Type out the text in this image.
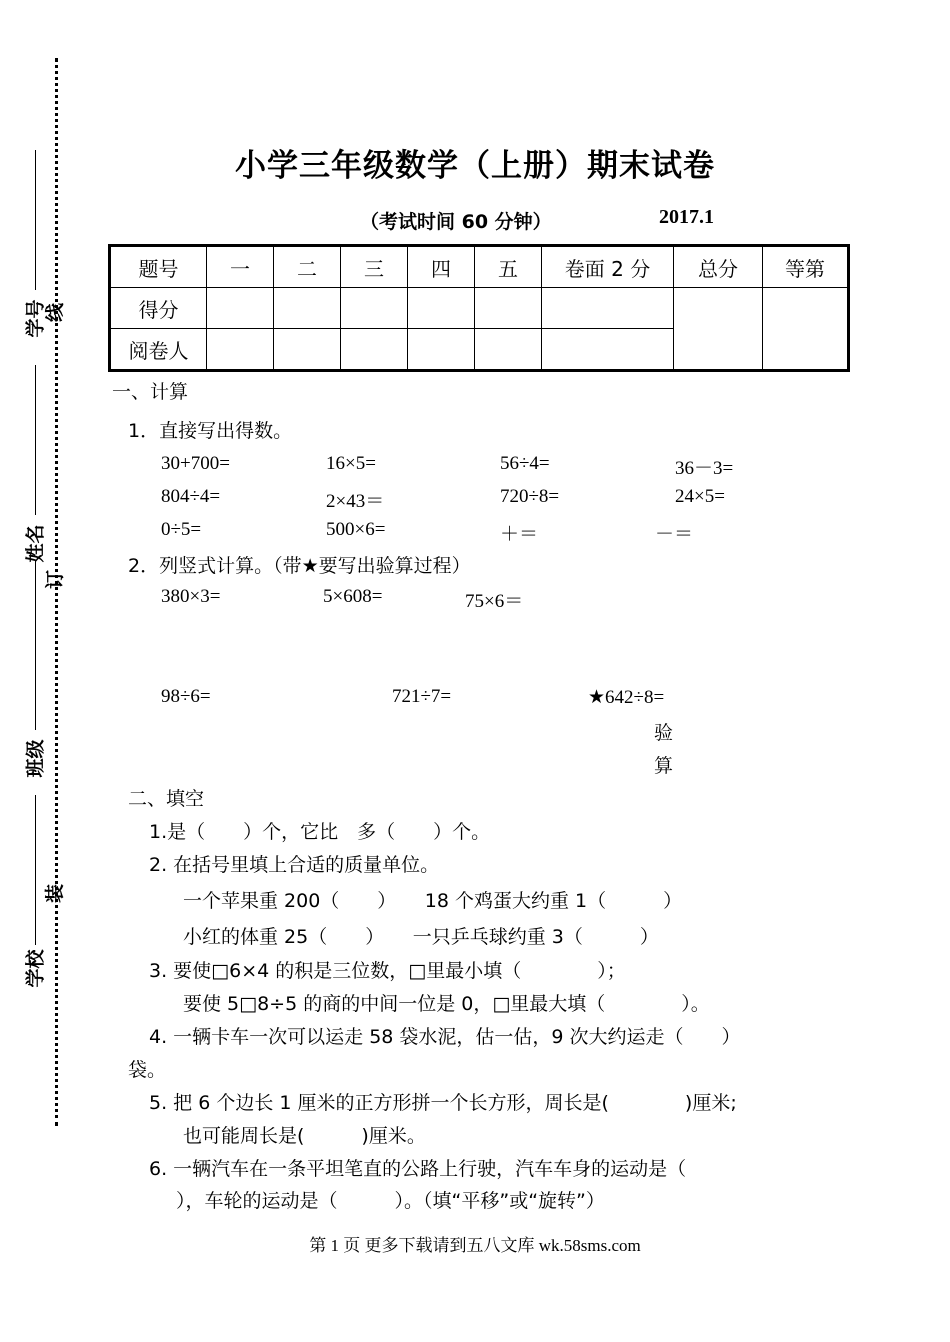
学号
线
姓名
订
班级
装
学校
小学三年级数学（上册）期末试卷
（考试时间 60 分钟）	2017.1
题号	一	二	三	四	五	卷面 2 分	总分	等第
得分								
阅卷人								
一、计算
1．直接写出得数。
30+700=	16×5=	56÷4=	36－3=
804÷4=	2×43＝	720÷8=	24×5=
0÷5=	500×6=	＋＝	－＝
2．列竖式计算。（带★要写出验算过程）
380×3=	5×608=	75×6＝
98÷6=	721÷7=	★642÷8=
验
算
二、填空
1.是（　　）个，它比　多（　　）个。
2. 在括号里填上合适的质量单位。
一个苹果重 200（　　）　　18 个鸡蛋大约重 1（　　　）
小红的体重 25（　　）　　一只乒乓球约重 3（　　　）
3. 要使□6×4 的积是三位数，□里最小填（　　　　）；
要使 5□8÷5 的商的中间一位是 0，□里最大填（　　　　）。
4. 一辆卡车一次可以运走 58 袋水泥，估一估，9 次大约运走（　　）
袋。
5. 把 6 个边长 1 厘米的正方形拼一个长方形，周长是(　　　　)厘米;
也可能周长是(　　　)厘米。
6. 一辆汽车在一条平坦笔直的公路上行驶，汽车车身的运动是（
），车轮的运动是（　　　）。（填“平移”或“旋转”）
第 1 页 更多下载请到五八文库 wk.58sms.com
